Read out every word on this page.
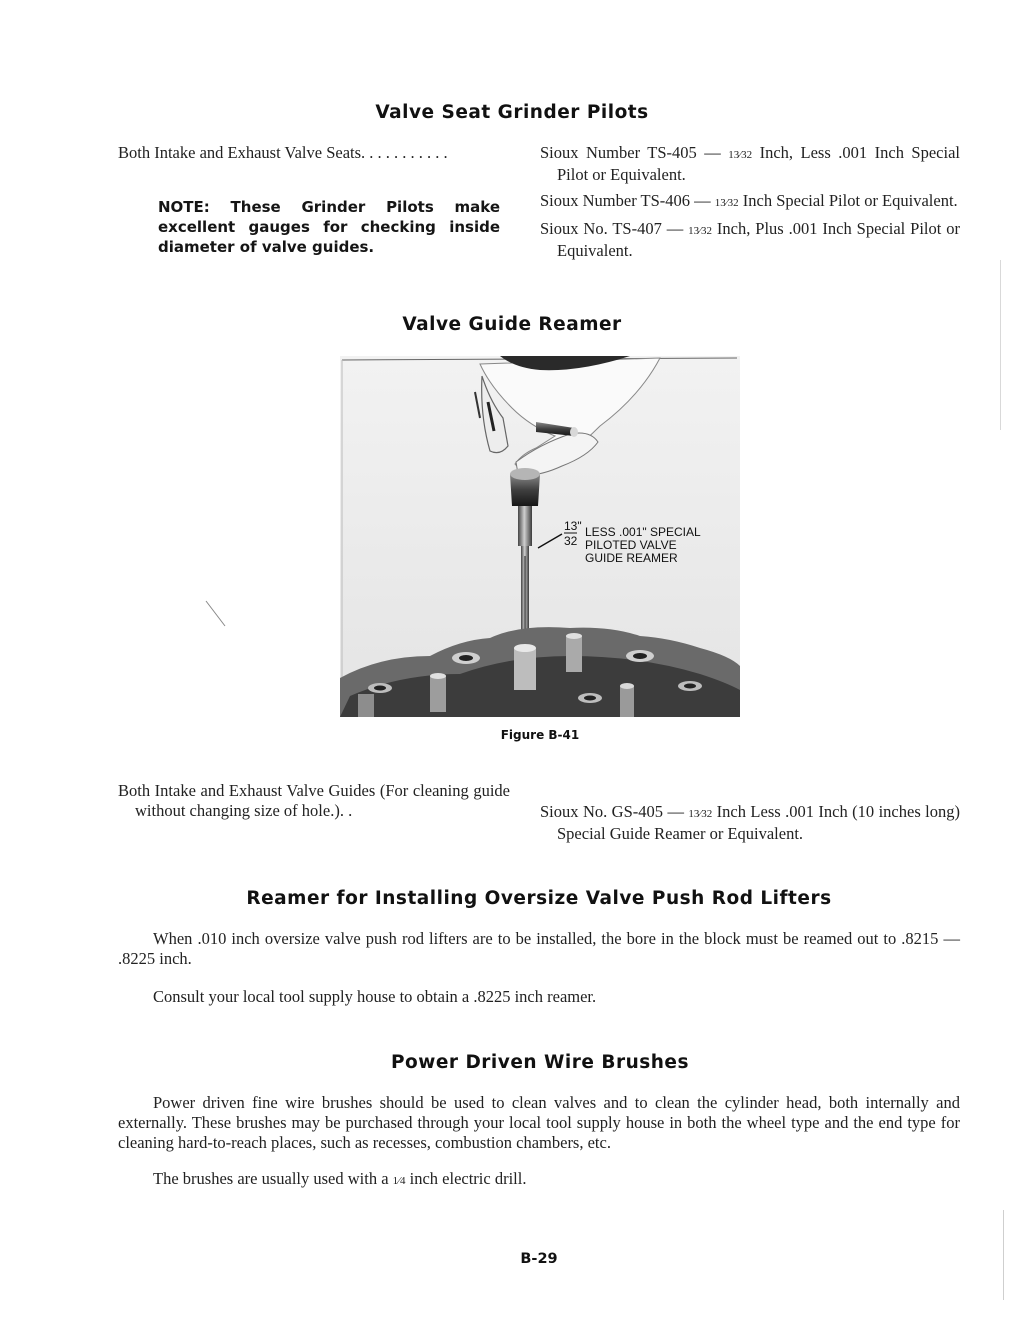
Valve Seat Grinder Pilots
Both Intake and Exhaust Valve Seats. . . . . . . . . . .
NOTE: These Grinder Pilots make excellent gauges for checking inside diameter of valve guides.

Sioux Number TS-405 — 13⁄32 Inch, Less .001 Inch Special Pilot or Equivalent.

Sioux Number TS-406 — 13⁄32 Inch Special Pilot or Equivalent.

Sioux No. TS-407 — 13⁄32 Inch, Plus .001 Inch Special Pilot or Equivalent.

Valve Guide Reamer
13"
32
LESS .001" SPECIAL
PILOTED VALVE
GUIDE REAMER
Figure B-41
Both Intake and Exhaust Valve Guides (For cleaning guide without changing size of hole.). .	Sioux No. GS-405 — 13⁄32 Inch Less .001 Inch (10 inches long) Special Guide Reamer or Equivalent.

Reamer for Installing Oversize Valve Push Rod Lifters
When .010 inch oversize valve push rod lifters are to be installed, the bore in the block must be reamed out to .8215 — .8225 inch.
Consult your local tool supply house to obtain a .8225 inch reamer.
Power Driven Wire Brushes
Power driven fine wire brushes should be used to clean valves and to clean the cylinder head, both internally and externally. These brushes may be purchased through your local tool supply house in both the wheel type and the end type for cleaning hard-to-reach places, such as recesses, combustion chambers, etc.
The brushes are usually used with a 1⁄4 inch electric drill.
B-29
